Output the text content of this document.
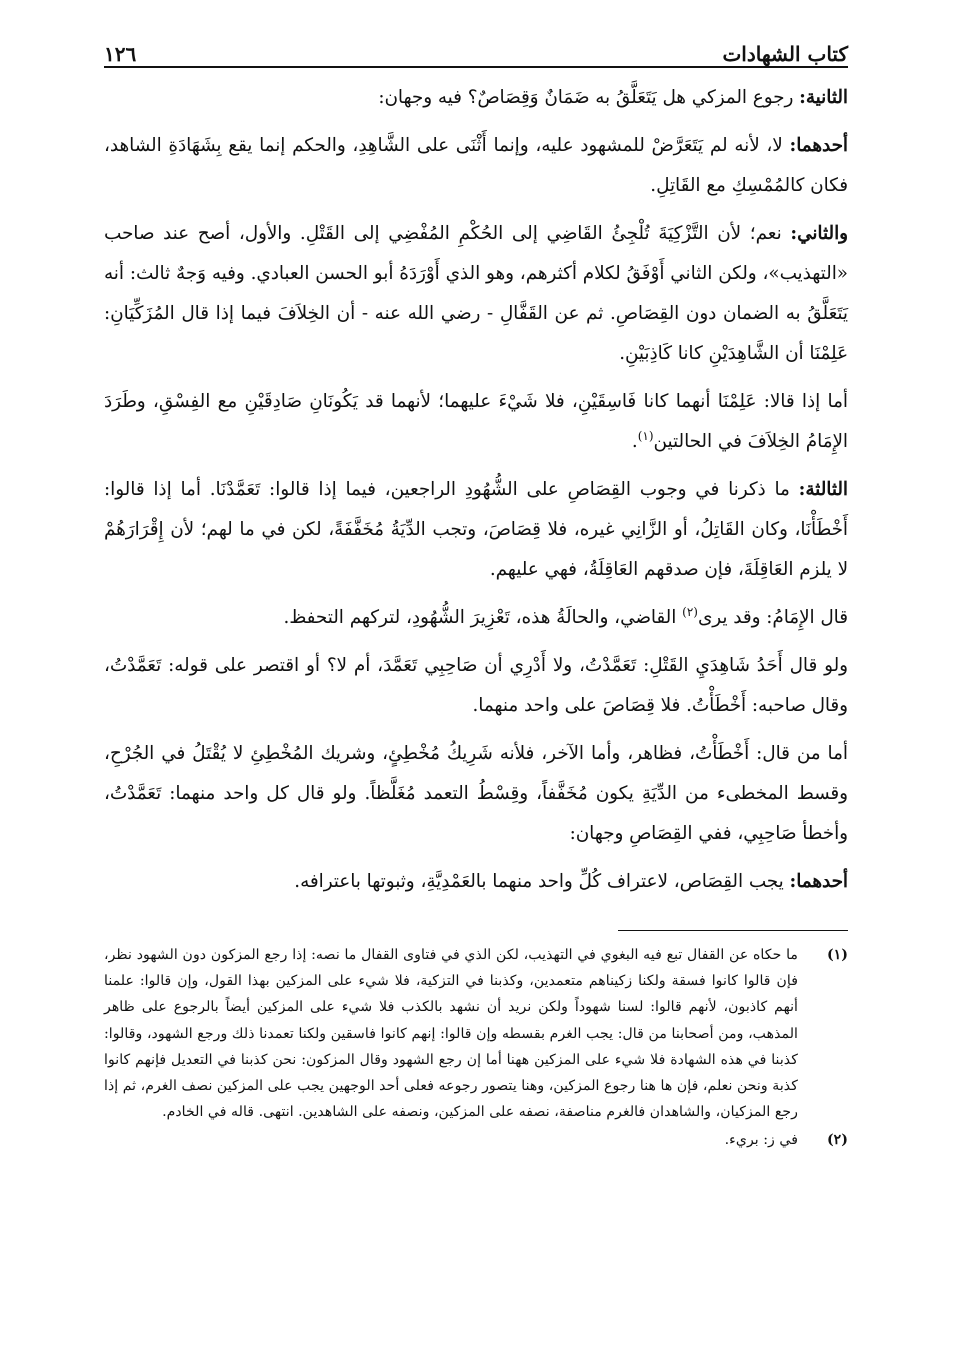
كتاب الشهادات
١٢٦

الثانية: رجوع المزكي هل يَتَعَلَّقُ به ضَمَانٌ وَقِصَاصٌ؟ فيه وجهان:

أحدهما: لا، لأنه لم يَتَعَرَّضْ للمشهود عليه، وإنما أَثْنَى على الشَّاهِدِ، والحكم إنما يقع بِشَهَادَةِ الشاهد، فكان كالمُمْسِكِ مع القَاتِلِ.

والثاني: نعم؛ لأن التَّزْكِيَةَ تُلْجِئُ القَاضِي إلى الحُكْمِ المُفْضِي إلى القَتْلِ. والأول، أصح عند صاحب «التهذيب»، ولكن الثاني أَوْفَقُ لكلام أكثرهم، وهو الذي أَوْرَدَهُ أبو الحسن العبادي. وفيه وَجهٌ ثالث: أنه يَتَعَلَّقُ به الضمان دون القِصَاصِ. ثم عن القَفَّالِ - رضي الله عنه - أن الخِلاَفَ فيما إذا قال المُزَكِّيَانِ: عَلِمْنَا أن الشَّاهِدَيْنِ كانا كَاذِبَيْنِ.

أما إذا قالا: عَلِمْنَا أنهما كانا فَاسِقَيْنِ، فلا شَيْءَ عليهما؛ لأنهما قد يَكُونَانِ صَادِقَيْنِ مع الفِسْقِ، وطَرَدَ الإِمَامُ الخِلاَفَ في الحالتين$^{(١)}$.

الثالثة: ما ذكرنا في وجوب القِصَاصِ على الشُّهُودِ الراجعين، فيما إذا قالوا: تَعَمَّدْنَا. أما إذا قالوا: أَخْطَأْنَا، وكان القَاتِلُ، أو الزَّانِي غيره، فلا قِصَاصَ، وتجب الدِّيَةُ مُخَفَّفَةً، لكن في ما لهم؛ لأن إِقْرَارَهُمْ لا يلزم العَاقِلَةَ، فإن صدقهم العَاقِلَةُ، فهي عليهم.

قال الإِمَامُ: وقد يرى$^{(٢)}$ القاضي، والحالَةُ هذه، تَعْزِيرَ الشُّهُودِ، لتركهم التحفظ.

ولو قال أَحَدُ شَاهِدَيِ القَتْلِ: تَعَمَّدْتُ، ولا أَدْرِي أن صَاحِبِي تَعَمَّدَ، أم لا؟ أو اقتصر على قوله: تَعَمَّدْتُ، وقال صاحبه: أَخْطَأْتُ. فلا قِصَاصَ على واحد منهما.

أما من قال: أَخْطَأْتُ، فظاهر، وأما الآخر، فلأنه شَرِيكُ مُخْطِئٍ، وشريك المُخْطِئِ لا يُقْتَلُ في الجُرْحِ، وقسط المخطىء من الدِّيَةِ يكون مُخَفَّفاً، وقِسْطُ التعمد مُغَلَّظاً. ولو قال كل واحد منهما: تَعَمَّدْتُ، وأخطأ صَاحِبِي، ففي القِصَاصِ وجهان:

أحدهما: يجب القِصَاص، لاعتراف كُلِّ واحد منهما بالعَمْدِيَّةِ، وثبوتها باعترافه.

(١)
ما حكاه عن القفال تبع فيه البغوي في التهذيب، لكن الذي في فتاوى القفال ما نصه: إذا رجع المزكون دون الشهود نظر، فإن قالوا كانوا فسقة ولكنا زكيناهم متعمدين، وكذبنا في التزكية، فلا شيء على المزكين بهذا القول، وإن قالوا: علمنا أنهم كاذبون، لأنهم قالوا: لسنا شهوداً ولكن نريد أن نشهد بالكذب فلا شيء على المزكين أيضاً بالرجوع على ظاهر المذهب، ومن أصحابنا من قال: يجب الغرم بقسطه وإن قالوا: إنهم كانوا فاسقين ولكنا تعمدنا ذلك ورجع الشهود، وقالوا: كذبنا في هذه الشهادة فلا شيء على المزكين ههنا أما إن رجع الشهود وقال المزكون: نحن كذبنا في التعديل فإنهم كانوا كذبة ونحن نعلم، فإن ها هنا رجوع المزكين، وهنا يتصور رجوعه فعلى أحد الوجهين يجب على المزكين نصف الغرم، ثم إذا رجع المزكيان، والشاهدان فالغرم مناصفة، نصفه على المزكين، ونصفه على الشاهدين. انتهى. قاله في الخادم.
(٢)
في ز: بريء.
